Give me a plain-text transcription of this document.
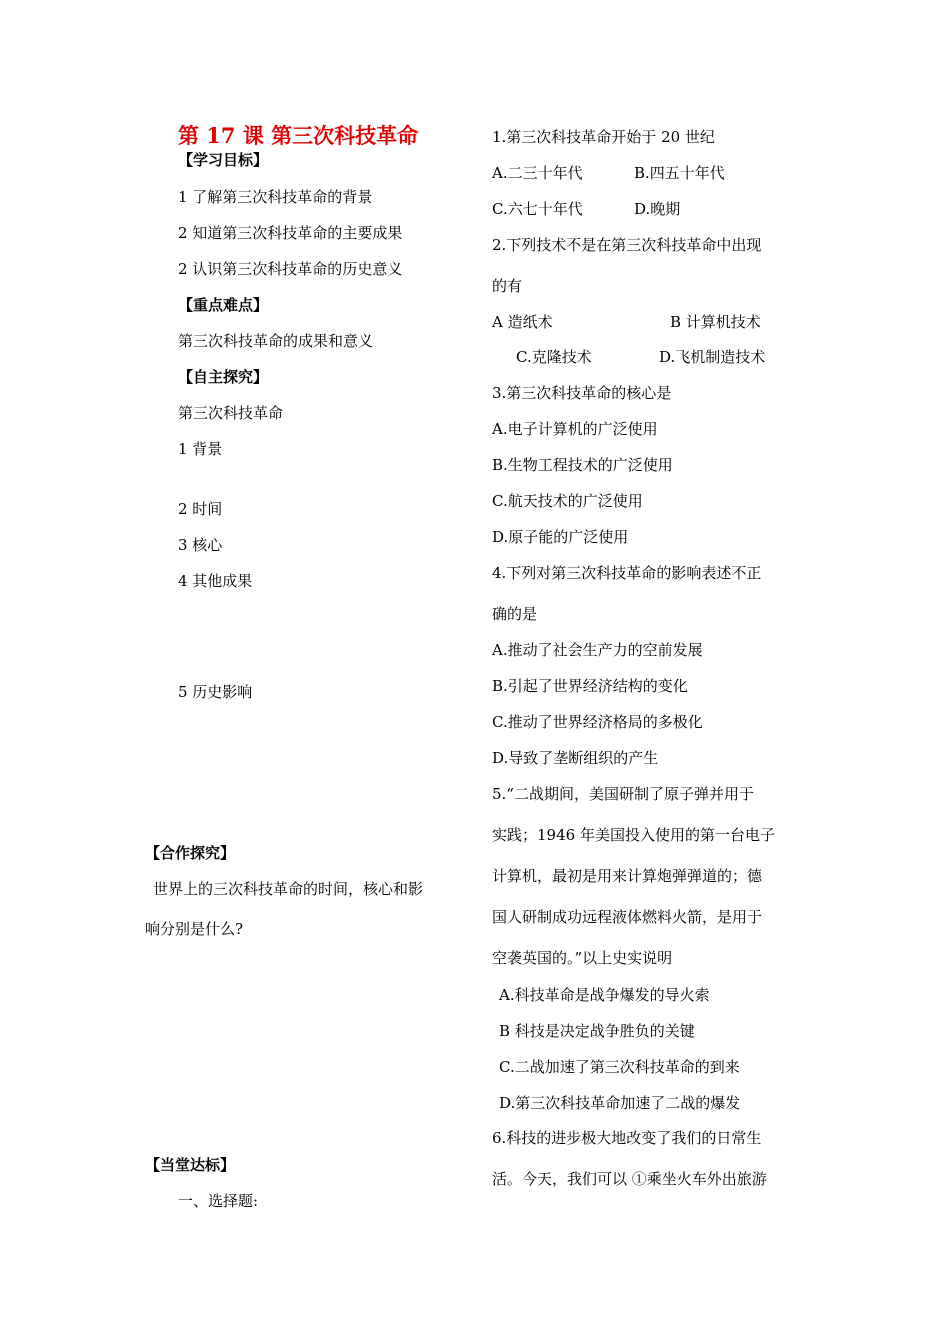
第 17 课 第三次科技革命
【学习目标】
1 了解第三次科技革命的背景
2 知道第三次科技革命的主要成果
2 认识第三次科技革命的历史意义
【重点难点】
第三次科技革命的成果和意义
【自主探究】
第三次科技革命
1 背景
2 时间
3 核心
4 其他成果
5 历史影响
【合作探究】
世界上的三次科技革命的时间，核心和影
响分别是什么?
【当堂达标】
一、选择题:
1.第三次科技革命开始于 20 世纪
A.二三十年代	B.四五十年代
C.六七十年代	D.晚期
2.下列技术不是在第三次科技革命中出现
的有
A 造纸术	B 计算机技术
C.克隆技术	D.飞机制造技术
3.第三次科技革命的核心是
A.电子计算机的广泛使用
B.生物工程技术的广泛使用
C.航天技术的广泛使用
D.原子能的广泛使用
4.下列对第三次科技革命的影响表述不正
确的是
A.推动了社会生产力的空前发展
B.引起了世界经济结构的变化
C.推动了世界经济格局的多极化
D.导致了垄断组织的产生
5.“二战期间，美国研制了原子弹并用于
实践；1946 年美国投入使用的第一台电子
计算机，最初是用来计算炮弹弹道的；德
国人研制成功远程液体燃料火箭，是用于
空袭英国的。”以上史实说明
A.科技革命是战争爆发的导火索
B 科技是决定战争胜负的关键
C.二战加速了第三次科技革命的到来
D.第三次科技革命加速了二战的爆发
6.科技的进步极大地改变了我们的日常生
活。今天，我们可以 ①乘坐火车外出旅游
